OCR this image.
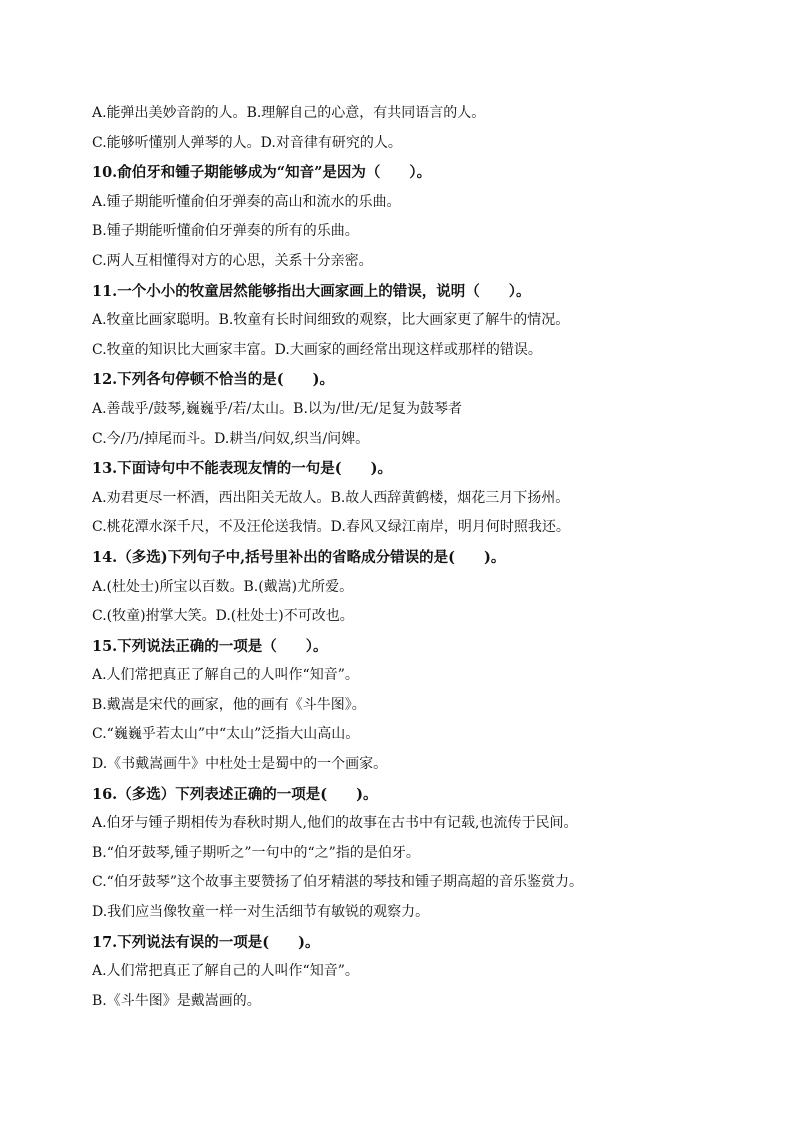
A.能弹出美妙音韵的人。B.理解自己的心意，有共同语言的人。
C.能够听懂别人弹琴的人。D.对音律有研究的人。
10.俞伯牙和锺子期能够成为“知音”是因为（　　）。
A.锺子期能听懂俞伯牙弹奏的高山和流水的乐曲。
B.锺子期能听懂俞伯牙弹奏的所有的乐曲。
C.两人互相懂得对方的心思，关系十分亲密。
11.一个小小的牧童居然能够指出大画家画上的错误，说明（　　）。
A.牧童比画家聪明。B.牧童有长时间细致的观察，比大画家更了解牛的情况。
C.牧童的知识比大画家丰富。D.大画家的画经常出现这样或那样的错误。
12.下列各句停顿不恰当的是(　　)。
A.善哉乎/鼓琴,巍巍乎/若/太山。B.以为/世/无/足复为鼓琴者
C.今/乃/掉尾而斗。D.耕当/问奴,织当/问婢。
13.下面诗句中不能表现友情的一句是(　　)。
A.劝君更尽一杯酒，西出阳关无故人。B.故人西辞黄鹤楼，烟花三月下扬州。
C.桃花潭水深千尺，不及汪伦送我情。D.春风又绿江南岸，明月何时照我还。
14.（多选)下列句子中,括号里补出的省略成分错误的是(　　)。
A.(杜处士)所宝以百数。B.(戴嵩)尤所爱。
C.(牧童)拊掌大笑。D.(杜处士)不可改也。
15.下列说法正确的一项是（　　）。
A.人们常把真正了解自己的人叫作“知音”。
B.戴嵩是宋代的画家，他的画有《斗牛图》。
C.“巍巍乎若太山”中“太山”泛指大山高山。
D.《书戴嵩画牛》中杜处士是蜀中的一个画家。
16.（多选）下列表述正确的一项是(　　)。
A.伯牙与锺子期相传为春秋时期人,他们的故事在古书中有记载,也流传于民间。
B.“伯牙鼓琴,锺子期听之”一句中的“之”指的是伯牙。
C.“伯牙鼓琴”这个故事主要赞扬了伯牙精湛的琴技和锺子期高超的音乐鉴赏力。
D.我们应当像牧童一样一对生活细节有敏锐的观察力。
17.下列说法有误的一项是(　　)。
A.人们常把真正了解自己的人叫作“知音”。
B.《斗牛图》是戴嵩画的。
